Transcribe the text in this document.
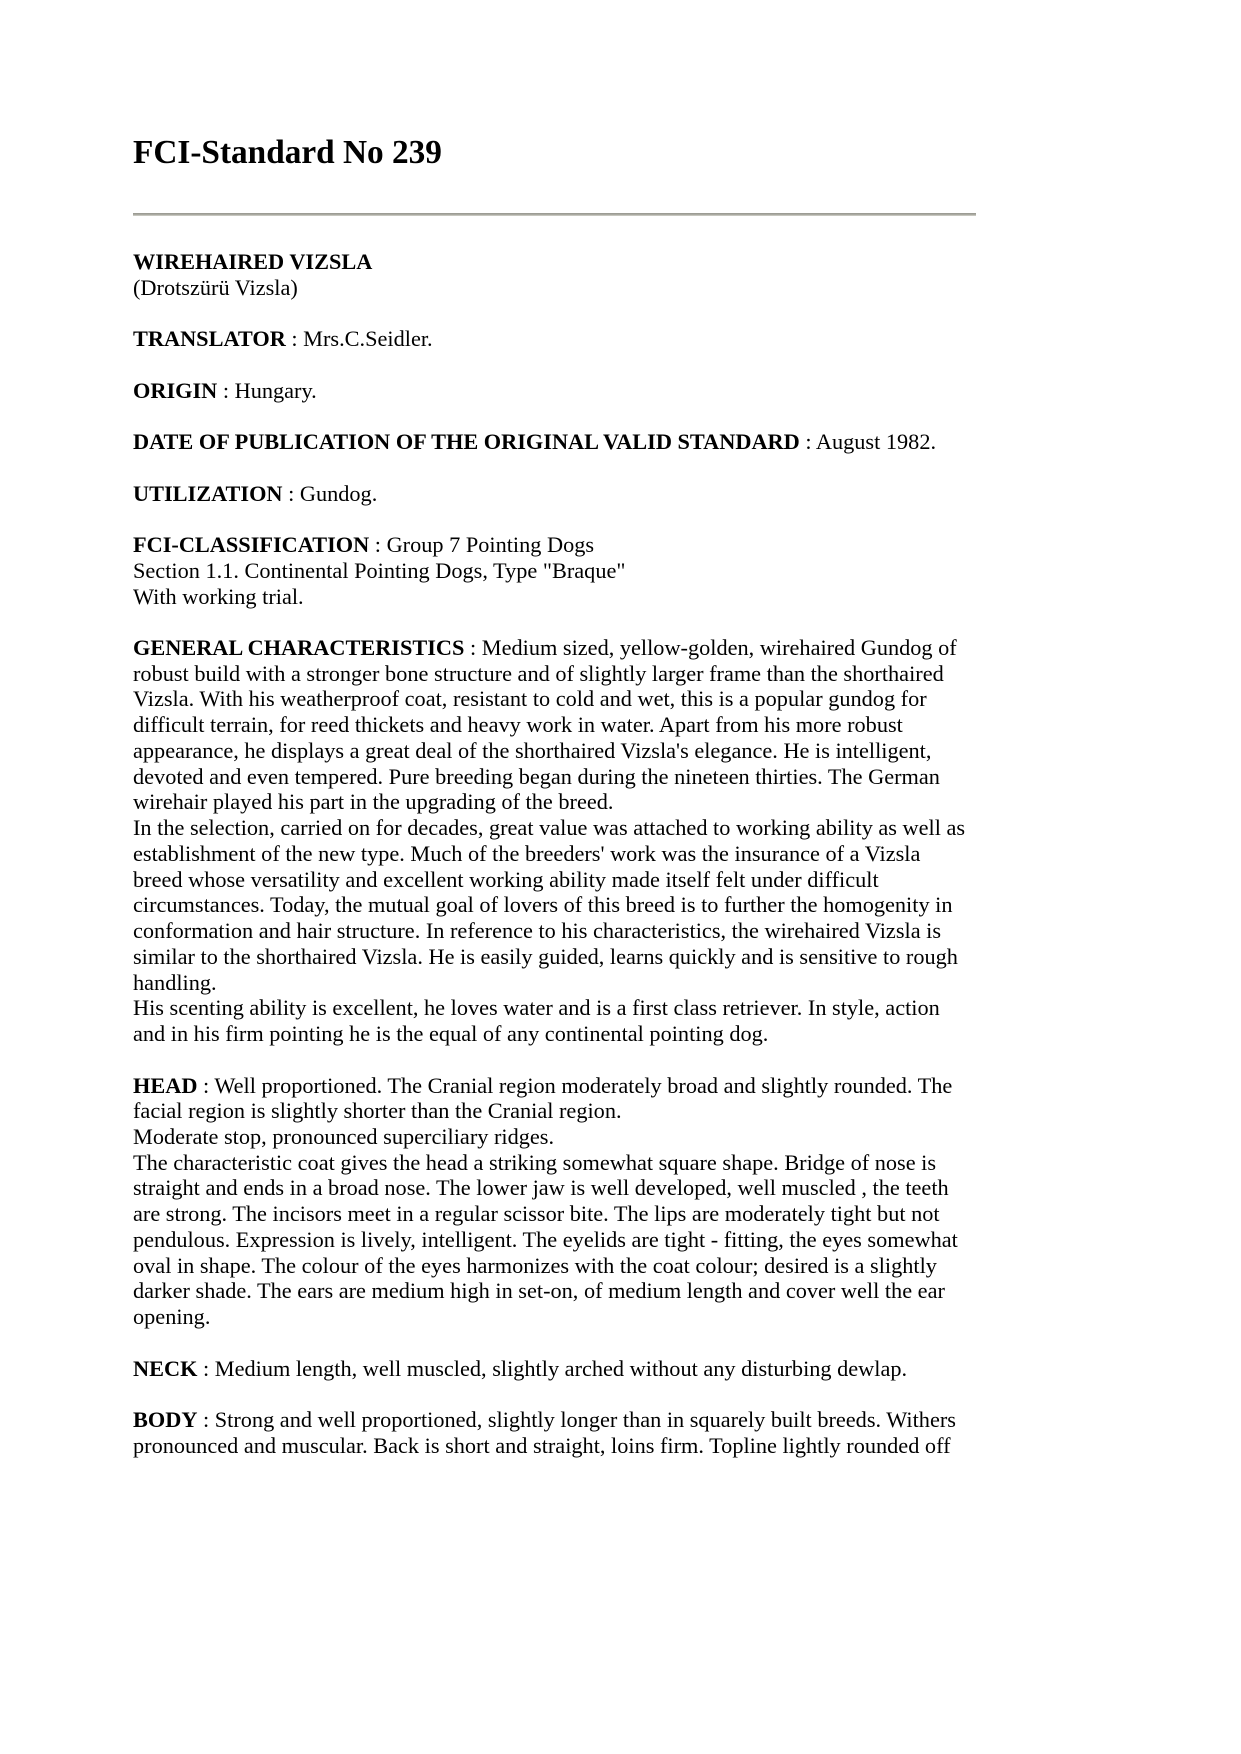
FCI-Standard No 239
WIREHAIRED VIZSLA
(Drotszürü Vizsla)
TRANSLATOR : Mrs.C.Seidler.
ORIGIN : Hungary.
DATE OF PUBLICATION OF THE ORIGINAL VALID STANDARD : August 1982.
UTILIZATION : Gundog.
FCI-CLASSIFICATION : Group 7 Pointing Dogs
Section 1.1. Continental Pointing Dogs, Type "Braque"
With working trial.
GENERAL CHARACTERISTICS : Medium sized, yellow-golden, wirehaired Gundog of
robust build with a stronger bone structure and of slightly larger frame than the shorthaired
Vizsla. With his weatherproof coat, resistant to cold and wet, this is a popular gundog for
difficult terrain, for reed thickets and heavy work in water. Apart from his more robust
appearance, he displays a great deal of the shorthaired Vizsla's elegance. He is intelligent,
devoted and even tempered. Pure breeding began during the nineteen thirties. The German
wirehair played his part in the upgrading of the breed.
In the selection, carried on for decades, great value was attached to working ability as well as
establishment of the new type. Much of the breeders' work was the insurance of a Vizsla
breed whose versatility and excellent working ability made itself felt under difficult
circumstances. Today, the mutual goal of lovers of this breed is to further the homogenity in
conformation and hair structure. In reference to his characteristics, the wirehaired Vizsla is
similar to the shorthaired Vizsla. He is easily guided, learns quickly and is sensitive to rough
handling.
His scenting ability is excellent, he loves water and is a first class retriever. In style, action
and in his firm pointing he is the equal of any continental pointing dog.
HEAD : Well proportioned. The Cranial region moderately broad and slightly rounded. The
facial region is slightly shorter than the Cranial region.
Moderate stop, pronounced superciliary ridges.
The characteristic coat gives the head a striking somewhat square shape. Bridge of nose is
straight and ends in a broad nose. The lower jaw is well developed, well muscled , the teeth
are strong. The incisors meet in a regular scissor bite. The lips are moderately tight but not
pendulous. Expression is lively, intelligent. The eyelids are tight - fitting, the eyes somewhat
oval in shape. The colour of the eyes harmonizes with the coat colour; desired is a slightly
darker shade. The ears are medium high in set-on, of medium length and cover well the ear
opening.
NECK : Medium length, well muscled, slightly arched without any disturbing dewlap.
BODY : Strong and well proportioned, slightly longer than in squarely built breeds. Withers
pronounced and muscular. Back is short and straight, loins firm. Topline lightly rounded off
